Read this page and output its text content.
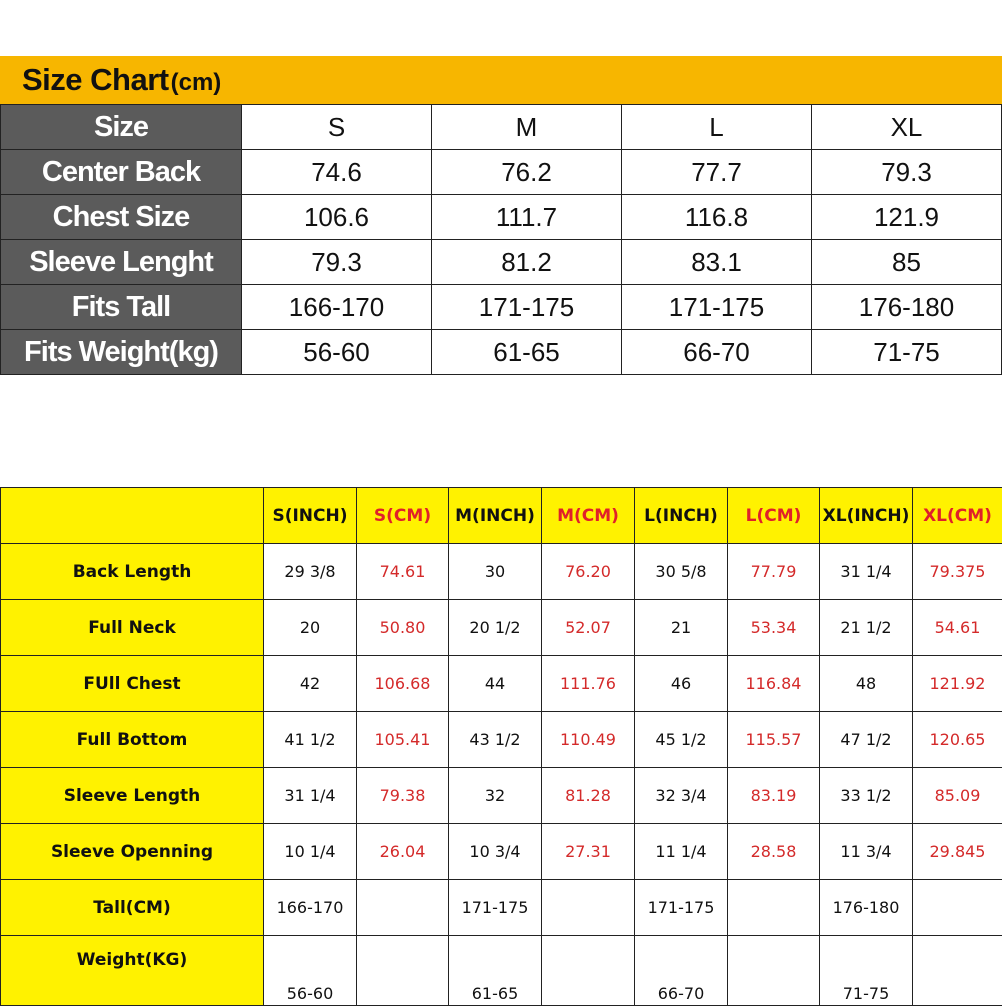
Size Chart (cm)
Size	S	M	L	XL
Center Back	74.6	76.2	77.7	79.3
Chest Size	106.6	111.7	116.8	121.9
Sleeve Lenght	79.3	81.2	83.1	85
Fits Tall	166-170	171-175	171-175	176-180
Fits Weight(kg)	56-60	61-65	66-70	71-75
	S(INCH)	S(CM)	M(INCH)	M(CM)	L(INCH)	L(CM)	XL(INCH)	XL(CM)
Back Length	29 3/8	74.61	30	76.20	30 5/8	77.79	31 1/4	79.375
Full Neck	20	50.80	20 1/2	52.07	21	53.34	21 1/2	54.61
FUll Chest	42	106.68	44	111.76	46	116.84	48	121.92
Full Bottom	41 1/2	105.41	43 1/2	110.49	45 1/2	115.57	47 1/2	120.65
Sleeve Length	31 1/4	79.38	32	81.28	32 3/4	83.19	33 1/2	85.09
Sleeve Openning	10 1/4	26.04	10 3/4	27.31	11 1/4	28.58	11 3/4	29.845
Tall(CM)	166-170		171-175		171-175		176-180	
Weight(KG)	56-60		61-65		66-70		71-75	
